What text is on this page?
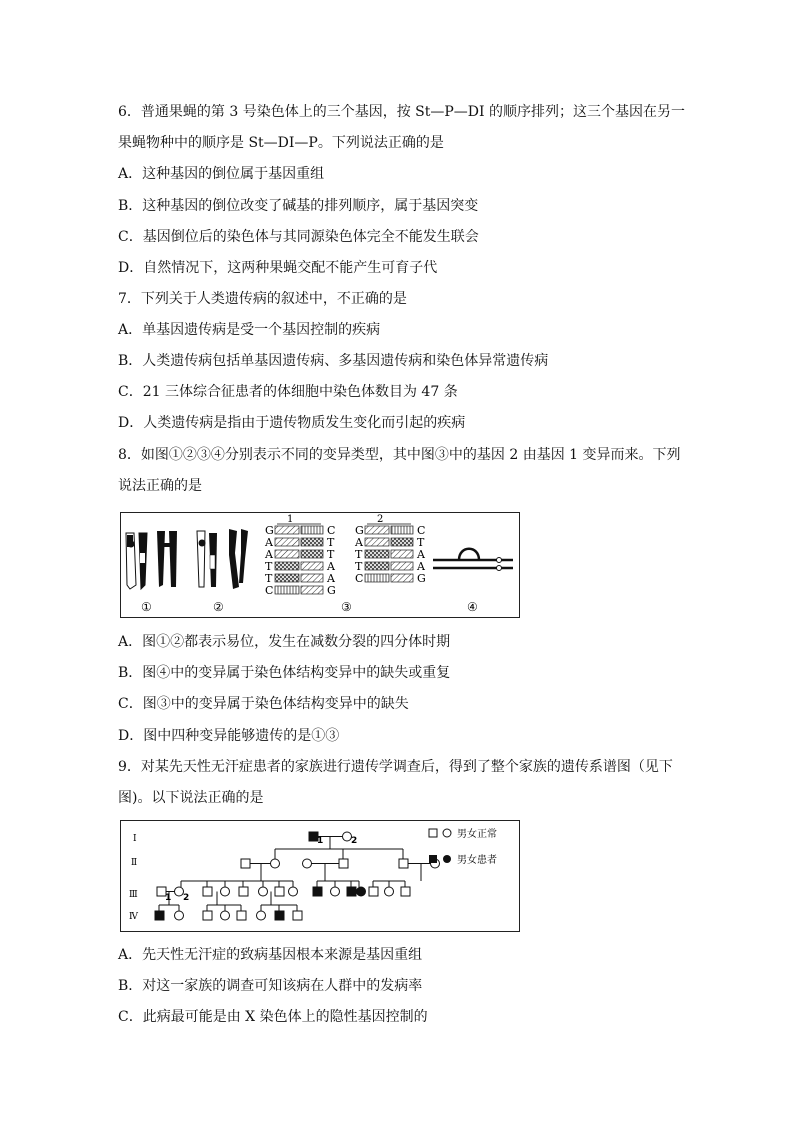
6．普通果蝇的第 3 号染色体上的三个基因，按 St—P—DI 的顺序排列；这三个基因在另一
果蝇物种中的顺序是 St—DI—P。下列说法正确的是
A．这种基因的倒位属于基因重组
B．这种基因的倒位改变了碱基的排列顺序，属于基因突变
C．基因倒位后的染色体与其同源染色体完全不能发生联会
D．自然情况下，这两种果蝇交配不能产生可育子代
7．下列关于人类遗传病的叙述中，不正确的是
A．单基因遗传病是受一个基因控制的疾病
B．人类遗传病包括单基因遗传病、多基因遗传病和染色体异常遗传病
C．21 三体综合征患者的体细胞中染色体数目为 47 条
D．人类遗传病是指由于遗传物质发生变化而引起的疾病
8．如图①②③④分别表示不同的变异类型，其中图③中的基因 2 由基因 1 变异而来。下列
说法正确的是
1	2
G
A
A
T
T
C
C
T
T
A
A
G
G
A
T
T
C
C
T
A
A
G
①	②	③	④
A．图①②都表示易位，发生在减数分裂的四分体时期
B．图④中的变异属于染色体结构变异中的缺失或重复
C．图③中的变异属于染色体结构变异中的缺失
D．图中四种变异能够遗传的是①③
9．对某先天性无汗症患者的家族进行遗传学调查后，得到了整个家族的遗传系谱图（见下
图)。以下说法正确的是
Ⅰ
Ⅱ
Ⅲ
Ⅳ
1	2
1 2
男女正常
男女患者
A．先天性无汗症的致病基因根本来源是基因重组
B．对这一家族的调查可知该病在人群中的发病率
C．此病最可能是由 X 染色体上的隐性基因控制的
